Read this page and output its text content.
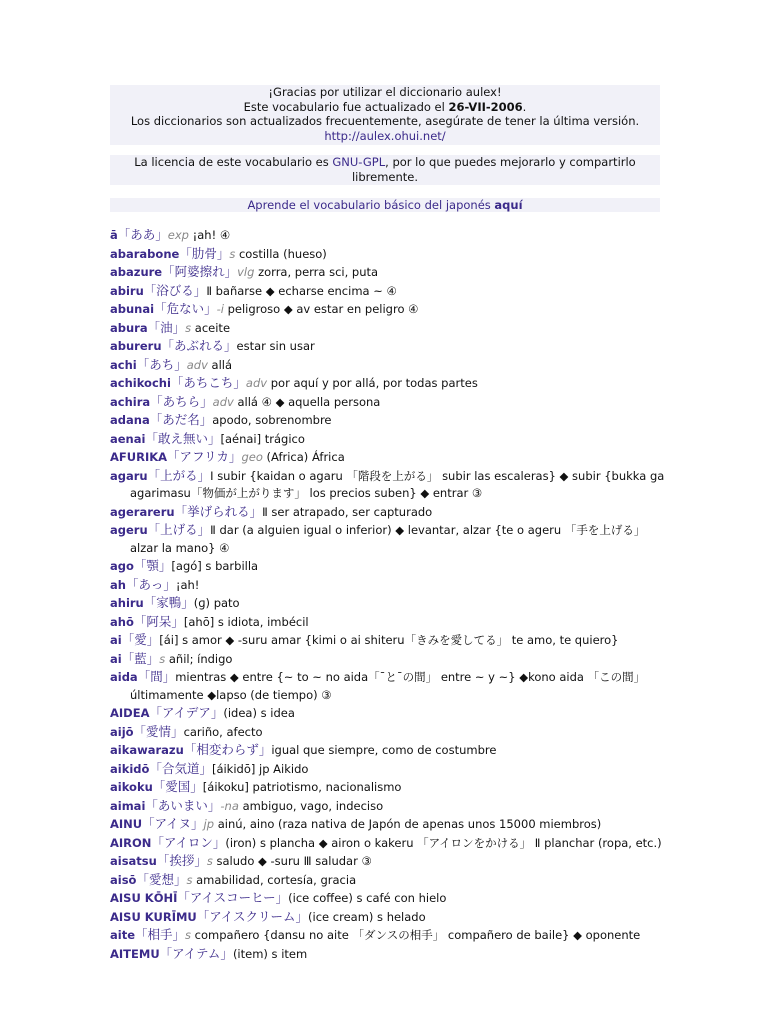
¡Gracias por utilizar el diccionario aulex!

Este vocabulario fue actualizado el 26-VII-2006.

Los diccionarios son actualizados frecuentemente, asegúrate de tener la última versión.

http://aulex.ohui.net/

La licencia de este vocabulario es GNU-GPL, por lo que puedes mejorarlo y compartirlo libremente.

Aprende el vocabulario básico del japonés aquí
ā「ああ」exp ¡ah! ④
abarabone「肋骨」s costilla (hueso)
abazure「阿婆擦れ」vlg zorra, perra sci, puta
abiru「浴びる」Ⅱ bañarse ◆ echarse encima ~ ④
abunai「危ない」-i peligroso ◆ av estar en peligro ④
abura「油」s aceite
abureru「あぶれる」estar sin usar
achi「あち」adv allá
achikochi「あちこち」adv por aquí y por allá, por todas partes
achira「あちら」adv allá ④ ◆ aquella persona
adana「あだ名」apodo, sobrenombre
aenai「敢え無い」[aénai] trágico
AFURIKA「アフリカ」geo (Africa) África
agaru「上がる」Ⅰ subir {kaidan o agaru 「階段を上がる」 subir las escaleras} ◆ subir {bukka ga agarimasu「物価が上がります」 los precios suben} ◆ entrar ③
agerareru「挙げられる」Ⅱ ser atrapado, ser capturado
ageru「上げる」Ⅱ dar (a alguien igual o inferior) ◆ levantar, alzar {te o ageru 「手を上げる」 alzar la mano} ④
ago「顎」[agó] s barbilla
ah「あっ」¡ah!
ahiru「家鴨」(ɡ) pato
ahō「阿呆」[ahō] s idiota, imbécil
ai「愛」[ái] s amor ◆ -suru amar {kimi o ai shiteru「きみを愛してる」 te amo, te quiero}
ai「藍」s añil; índigo
aida「間」mientras ◆ entre {~ to ~ no aida「¯と¯の間」 entre ~ y ~} ◆kono aida 「この間」 últimamente ◆lapso (de tiempo) ③
AIDEA「アイデア」(idea) s idea
aijō「愛情」cariño, afecto
aikawarazu「相変わらず」igual que siempre, como de costumbre
aikidō「合気道」[áikidō] jp Aikido
aikoku「愛国」[áikoku] patriotismo, nacionalismo
aimai「あいまい」-na ambiguo, vago, indeciso
AINU「アイヌ」jp ainú, aino (raza nativa de Japón de apenas unos 15000 miembros)
AIRON「アイロン」(iron) s plancha ◆ airon o kakeru 「アイロンをかける」 Ⅱ planchar (ropa, etc.)
aisatsu「挨拶」s saludo ◆ -suru Ⅲ saludar ③
aisō「愛想」s amabilidad, cortesía, gracia
AISU KŌHĪ「アイスコーヒー」(ice coffee) s café con hielo
AISU KURĪMU「アイスクリーム」(ice cream) s helado
aite「相手」s compañero {dansu no aite 「ダンスの相手」 compañero de baile} ◆ oponente
AITEMU「アイテム」(item) s item
